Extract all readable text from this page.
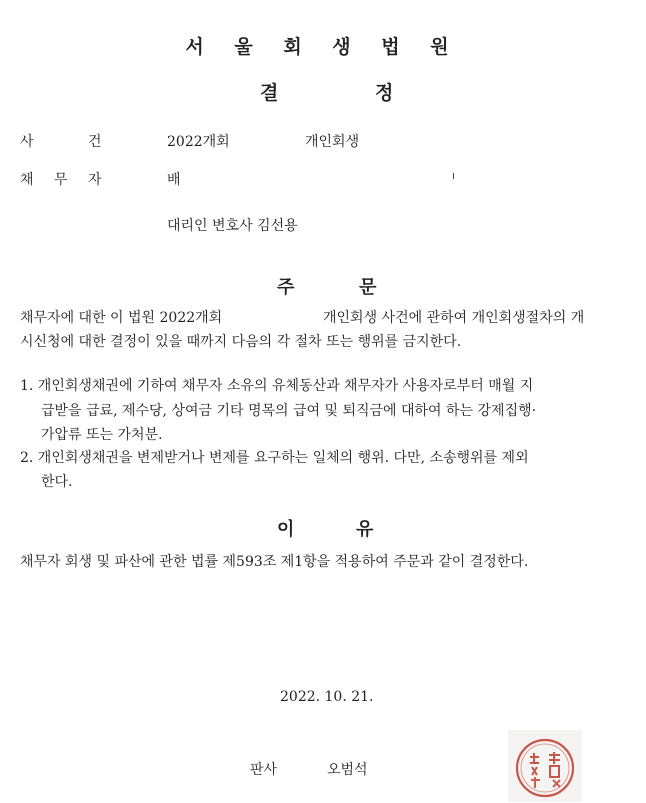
서 울 회 생 법 원
결	정
사	건	2022개회	개인회생
채 무 자	배
대리인 변호사 김선용
주	문
채무자에 대한 이 법원 2022개회	개인회생 사건에 관하여 개인회생절차의 개
시신청에 대한 결정이 있을 때까지 다음의 각 절차 또는 행위를 금지한다.
1. 개인회생채권에 기하여 채무자 소유의 유체동산과 채무자가 사용자로부터 매월 지
급받을 급료, 제수당, 상여금 기타 명목의 급여 및 퇴직금에 대하여 하는 강제집행·
가압류 또는 가처분.
2. 개인회생채권을 변제받거나 변제를 요구하는 일체의 행위. 다만, 소송행위를 제외
한다.
이	유
채무자 회생 및 파산에 관한 법률 제593조 제1항을 적용하여 주문과 같이 결정한다.
2022. 10. 21.
판사	오범석
